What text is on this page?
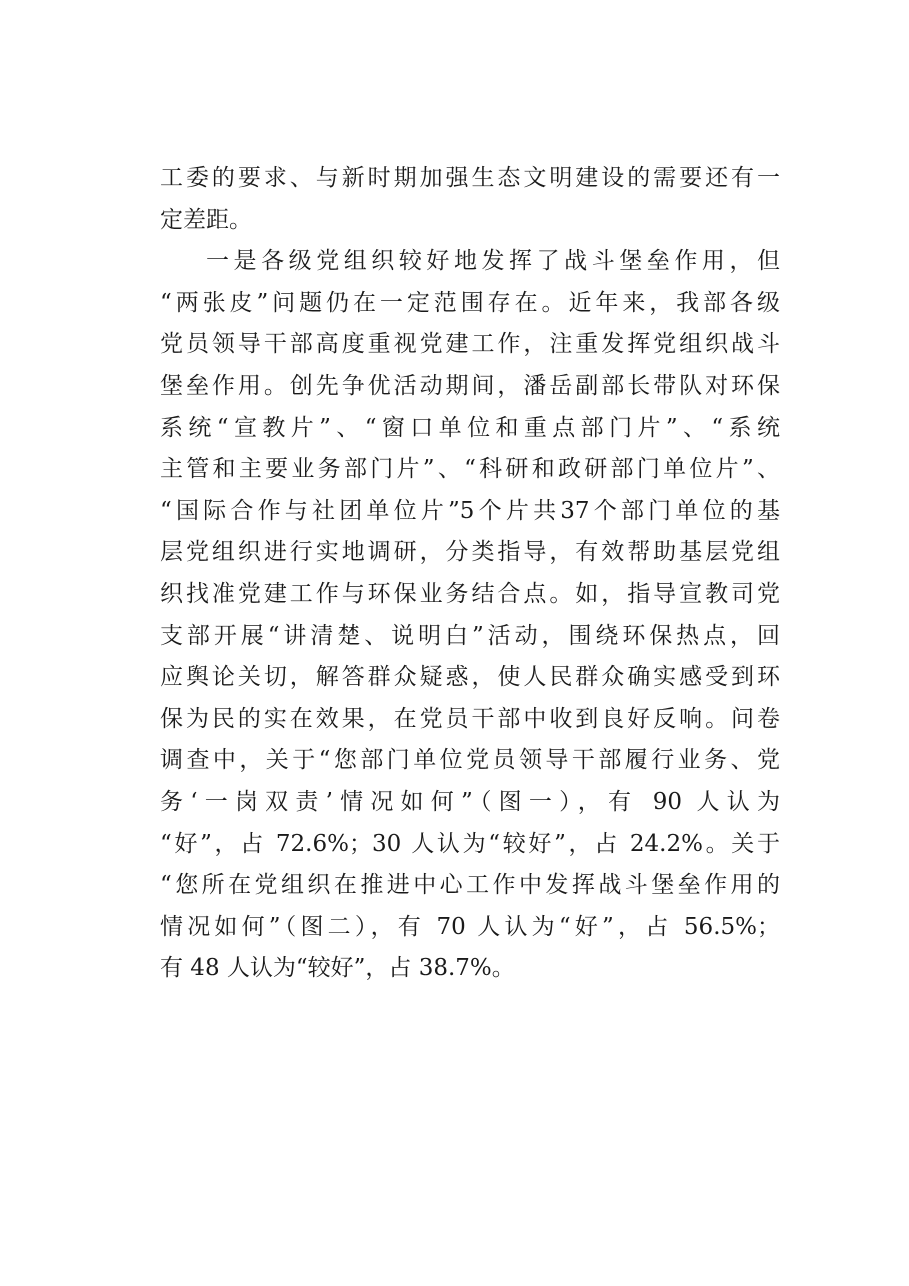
工委的要求、与新时期加强生态文明建设的需要还有一
定差距。
一是各级党组织较好地发挥了战斗堡垒作用，但
“两张皮”问题仍在一定范围存在。近年来，我部各级
党员领导干部高度重视党建工作，注重发挥党组织战斗
堡垒作用。创先争优活动期间，潘岳副部长带队对环保
系统“宣教片”、“窗口单位和重点部门片”、“系统
主管和主要业务部门片”、“科研和政研部门单位片”、
“国际合作与社团单位片”5个片共37个部门单位的基
层党组织进行实地调研，分类指导，有效帮助基层党组
织找准党建工作与环保业务结合点。如，指导宣教司党
支部开展“讲清楚、说明白”活动，围绕环保热点，回
应舆论关切，解答群众疑惑，使人民群众确实感受到环
保为民的实在效果，在党员干部中收到良好反响。问卷
调查中，关于“您部门单位党员领导干部履行业务、党
务‘一岗双责’情况如何”（图一），有 90 人认为
“好”，占 72.6%；30 人认为“较好”，占 24.2%。关于
“您所在党组织在推进中心工作中发挥战斗堡垒作用的
情况如何”（图二），有 70 人认为“好”，占 56.5%；
有 48 人认为“较好”，占 38.7%。
